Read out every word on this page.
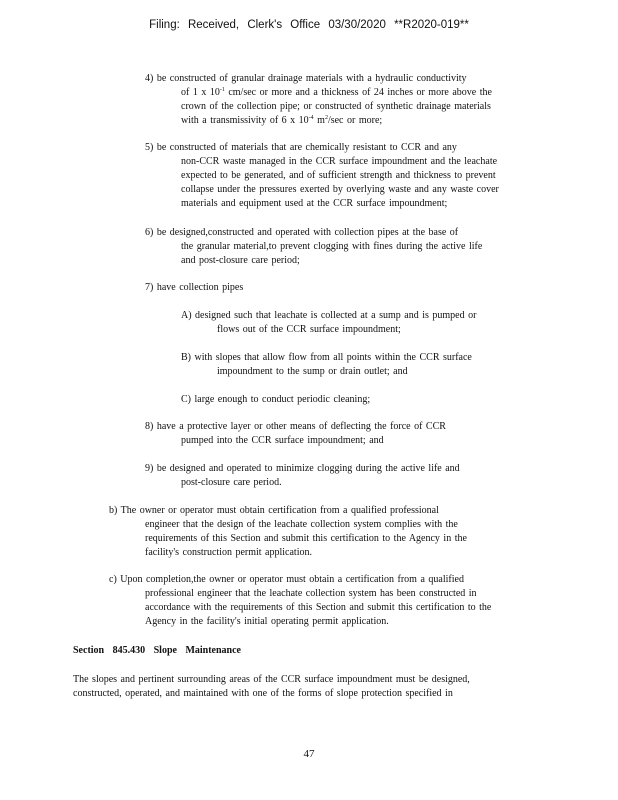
Filing: Received, Clerk's Office 03/30/2020 **R2020-019**
4) be constructed of granular drainage materials with a hydraulic conductivity
of 1 x $10^{-1}$ cm/sec or more and a thickness of 24 inches or more above the
crown of the collection pipe; or constructed of synthetic drainage materials
with a transmissivity of 6 x $10^{-4}$ $m^2/\sec$ or more;
5) be constructed of materials that are chemically resistant to CCR and any
non-CCR waste managed in the CCR surface impoundment and the leachate
expected to be generated, and of sufficient strength and thickness to prevent
collapse under the pressures exerted by overlying waste and any waste cover
materials and equipment used at the CCR surface impoundment;
6) be designed,constructed and operated with collection pipes at the base of
the granular material,to prevent clogging with fines during the active life
and post-closure care period;
7) have collection pipes
A) designed such that leachate is collected at a sump and is pumped or
flows out of the CCR surface impoundment;
B) with slopes that allow flow from all points within the CCR surface
impoundment to the sump or drain outlet; and
C) large enough to conduct periodic cleaning;
8) have a protective layer or other means of deflecting the force of CCR
pumped into the CCR surface impoundment; and
9) be designed and operated to minimize clogging during the active life and
post-closure care period.
b) The owner or operator must obtain certification from a qualified professional
engineer that the design of the leachate collection system complies with the
requirements of this Section and submit this certification to the Agency in the
facility's construction permit application.
c) Upon completion,the owner or operator must obtain a certification from a qualified
professional engineer that the leachate collection system has been constructed in
accordance with the requirements of this Section and submit this certification to the
Agency in the facility's initial operating permit application.
Section 845.430 Slope Maintenance
The slopes and pertinent surrounding areas of the CCR surface impoundment must be designed,
constructed, operated, and maintained with one of the forms of slope protection specified in
47
